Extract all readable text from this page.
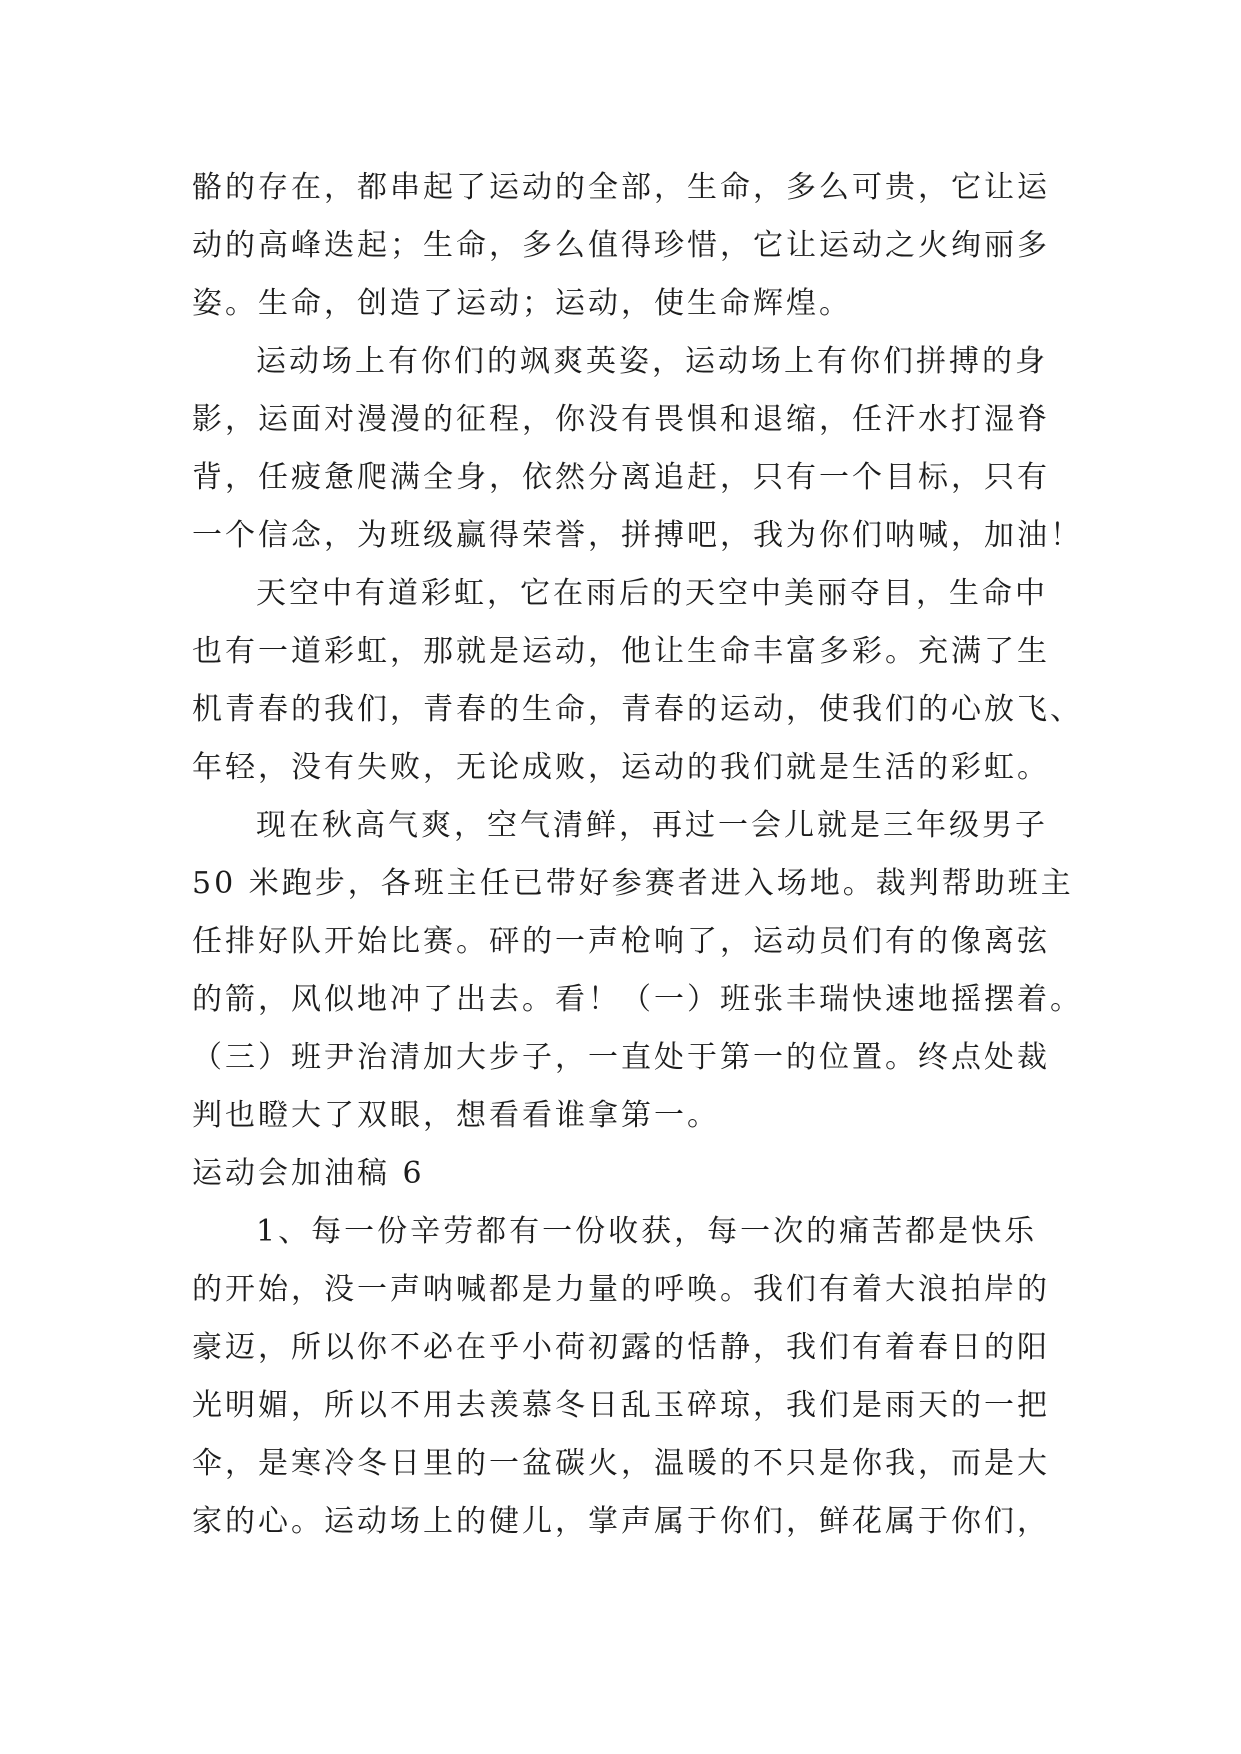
骼的存在，都串起了运动的全部，生命，多么可贵，它让运

动的高峰迭起；生命，多么值得珍惜，它让运动之火绚丽多

姿。生命，创造了运动；运动，使生命辉煌。

运动场上有你们的飒爽英姿，运动场上有你们拼搏的身

影，运面对漫漫的征程，你没有畏惧和退缩，任汗水打湿脊

背，任疲惫爬满全身，依然分离追赶，只有一个目标，只有

一个信念，为班级赢得荣誉，拼搏吧，我为你们呐喊，加油！

天空中有道彩虹，它在雨后的天空中美丽夺目，生命中

也有一道彩虹，那就是运动，他让生命丰富多彩。充满了生

机青春的我们，青春的生命，青春的运动，使我们的心放飞、

年轻，没有失败，无论成败，运动的我们就是生活的彩虹。

现在秋高气爽，空气清鲜，再过一会儿就是三年级男子

50 米跑步，各班主任已带好参赛者进入场地。裁判帮助班主

任排好队开始比赛。砰的一声枪响了，运动员们有的像离弦

的箭，风似地冲了出去。看！（一）班张丰瑞快速地摇摆着。

（三）班尹治清加大步子，一直处于第一的位置。终点处裁

判也瞪大了双眼，想看看谁拿第一。

运动会加油稿 6

1、每一份辛劳都有一份收获，每一次的痛苦都是快乐

的开始，没一声呐喊都是力量的呼唤。我们有着大浪拍岸的

豪迈，所以你不必在乎小荷初露的恬静，我们有着春日的阳

光明媚，所以不用去羡慕冬日乱玉碎琼，我们是雨天的一把

伞，是寒冷冬日里的一盆碳火，温暖的不只是你我，而是大

家的心。运动场上的健儿，掌声属于你们，鲜花属于你们，
